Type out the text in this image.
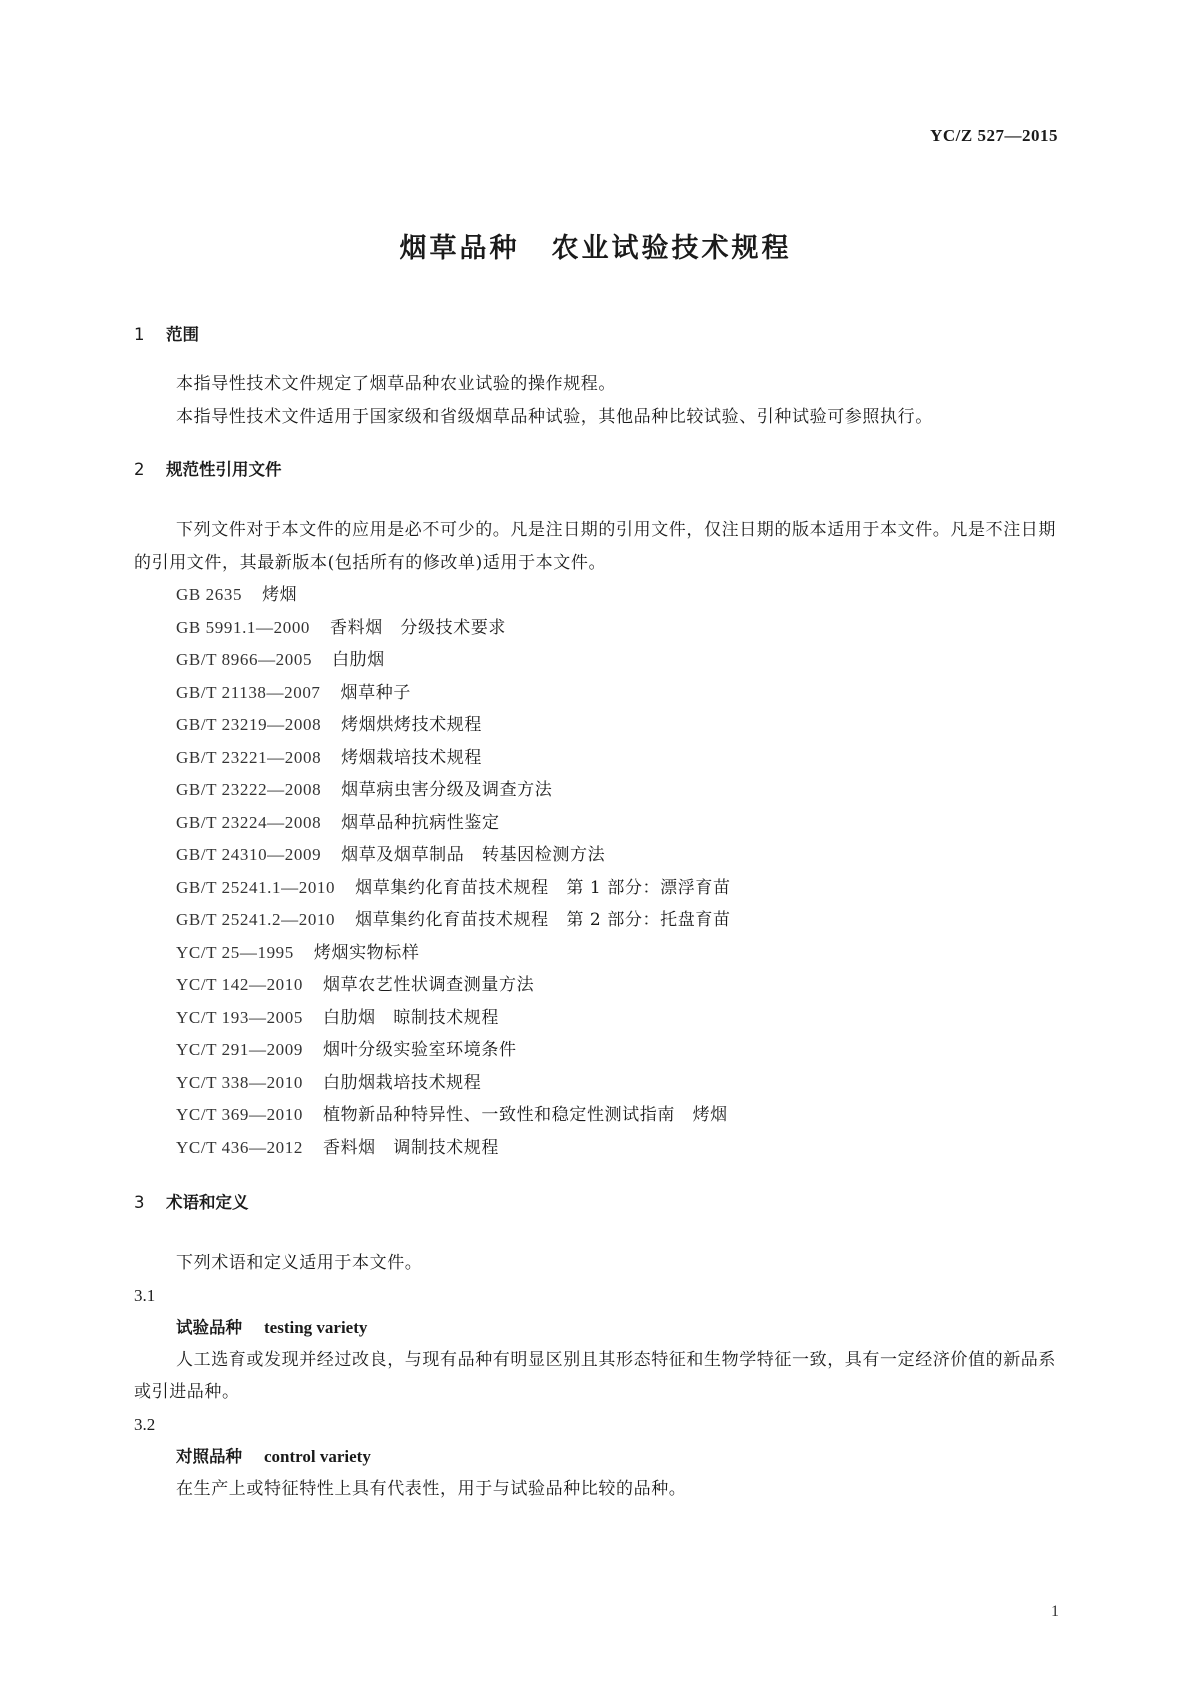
YC/Z 527—2015
烟草品种 农业试验技术规程
1 范围
本指导性技术文件规定了烟草品种农业试验的操作规程。
本指导性技术文件适用于国家级和省级烟草品种试验，其他品种比较试验、引种试验可参照执行。
2 规范性引用文件
下列文件对于本文件的应用是必不可少的。凡是注日期的引用文件，仅注日期的版本适用于本文件。凡是不注日期的引用文件，其最新版本(包括所有的修改单)适用于本文件。
GB 2635 烤烟
GB 5991.1—2000 香料烟　分级技术要求
GB/T 8966—2005 白肋烟
GB/T 21138—2007 烟草种子
GB/T 23219—2008 烤烟烘烤技术规程
GB/T 23221—2008 烤烟栽培技术规程
GB/T 23222—2008 烟草病虫害分级及调查方法
GB/T 23224—2008 烟草品种抗病性鉴定
GB/T 24310—2009 烟草及烟草制品　转基因检测方法
GB/T 25241.1—2010 烟草集约化育苗技术规程　第 1 部分：漂浮育苗
GB/T 25241.2—2010 烟草集约化育苗技术规程　第 2 部分：托盘育苗
YC/T 25—1995 烤烟实物标样
YC/T 142—2010 烟草农艺性状调查测量方法
YC/T 193—2005 白肋烟　晾制技术规程
YC/T 291—2009 烟叶分级实验室环境条件
YC/T 338—2010 白肋烟栽培技术规程
YC/T 369—2010 植物新品种特异性、一致性和稳定性测试指南　烤烟
YC/T 436—2012 香料烟　调制技术规程
3 术语和定义
下列术语和定义适用于本文件。
3.1
试验品种 testing variety
人工选育或发现并经过改良，与现有品种有明显区别且其形态特征和生物学特征一致，具有一定经济价值的新品系或引进品种。
3.2
对照品种 control variety
在生产上或特征特性上具有代表性，用于与试验品种比较的品种。
1
